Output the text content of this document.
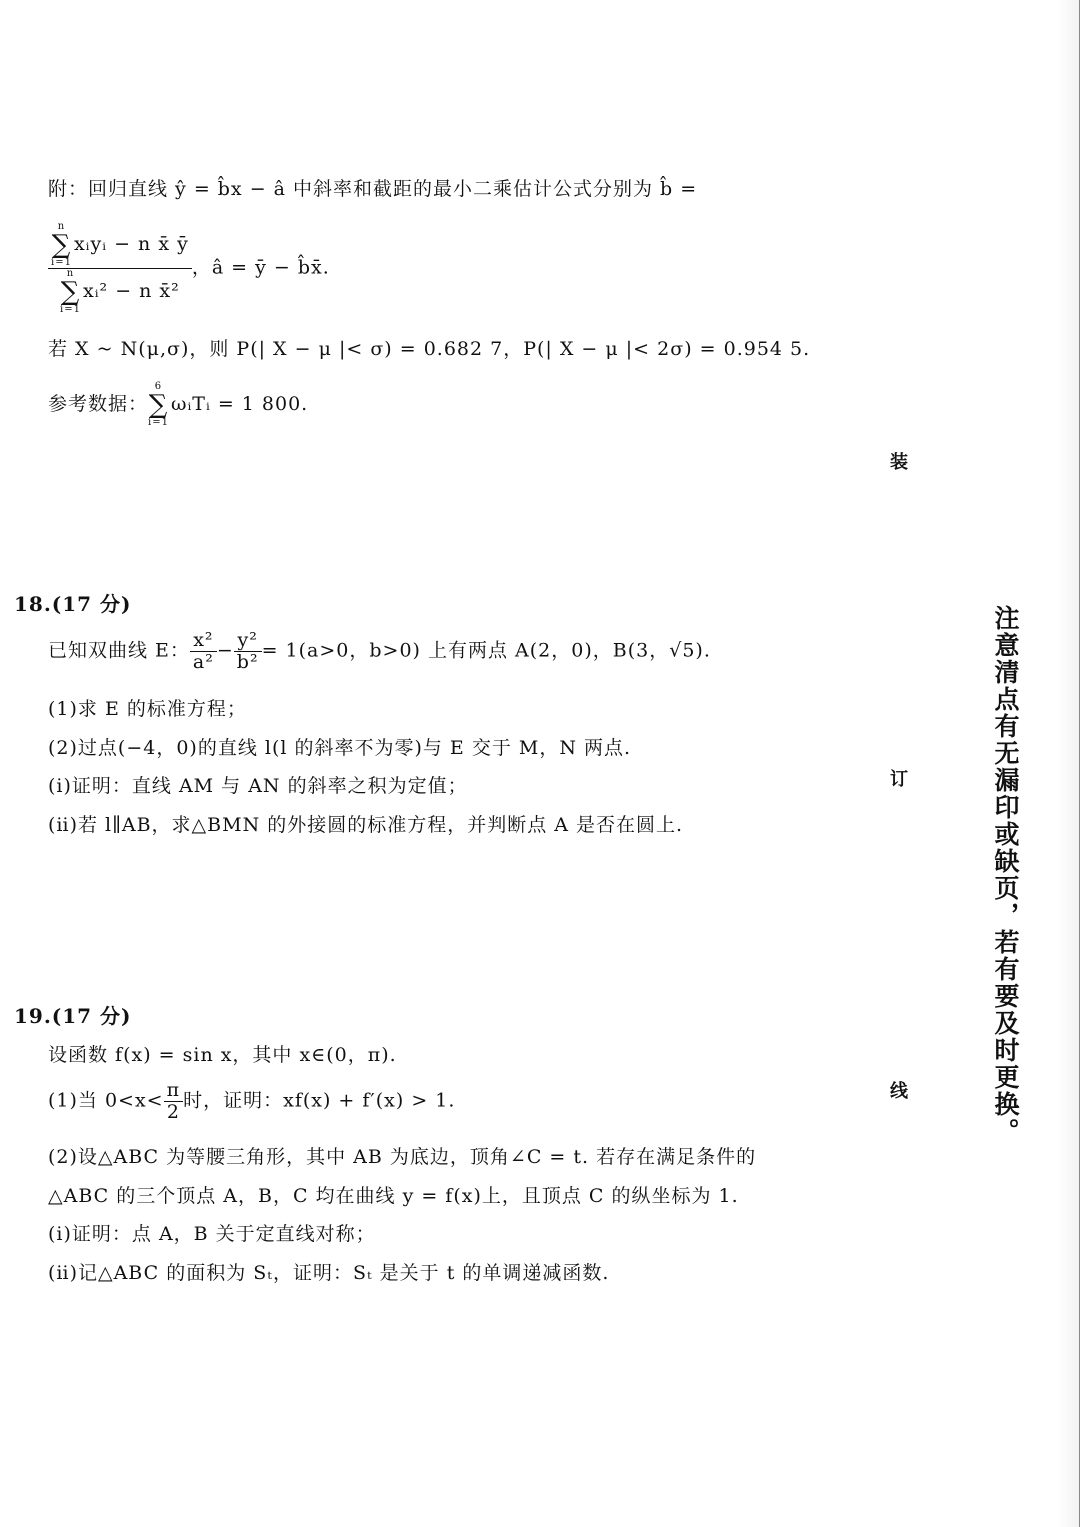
附：回归直线 ŷ = b̂x − â 中斜率和截距的最小二乘估计公式分别为 b̂ =
n
∑
i=1
xᵢyᵢ − n x̄ ȳ
n
∑
i=1
xᵢ² − n x̄² ，â = ȳ − b̂x̄.
若 X ~ N(μ,σ)，则 P(| X − μ |< σ) = 0.682 7，P(| X − μ |< 2σ) = 0.954 5.
参考数据：
6
∑
i=1
ωᵢTᵢ = 1 800.
装
订
线	注意清点有无漏印或缺页，若有要及时更换。
18.(17 分)
已知双曲线 E： $\frac{\text{x²}}{\text{a²}} - \frac{\text{y²}}{\text{b²}} = 1(a>0$，b>0) 上有两点 A(2，0)，B(3，√5).
(1)求 E 的标准方程；
(2)过点(−4，0)的直线 l(l 的斜率不为零)与 E 交于 M，N 两点.
(ⅰ)证明：直线 AM 与 AN 的斜率之积为定值；
(ⅱ)若 l∥AB，求△BMN 的外接圆的标准方程，并判断点 A 是否在圆上.
19.(17 分)
设函数 f(x) = sin x，其中 x∈(0，π).
(1)当 $0<x< \frac{\pi}{2}$ 时，证明：xf(x) + f′(x) > 1.
(2)设△ABC 为等腰三角形，其中 AB 为底边，顶角∠C = t. 若存在满足条件的
△ABC 的三个顶点 A，B，C 均在曲线 y = f(x)上，且顶点 C 的纵坐标为 1.
(ⅰ)证明：点 A，B 关于定直线对称；
(ⅱ)记△ABC 的面积为 Sₜ，证明：Sₜ 是关于 t 的单调递减函数.
